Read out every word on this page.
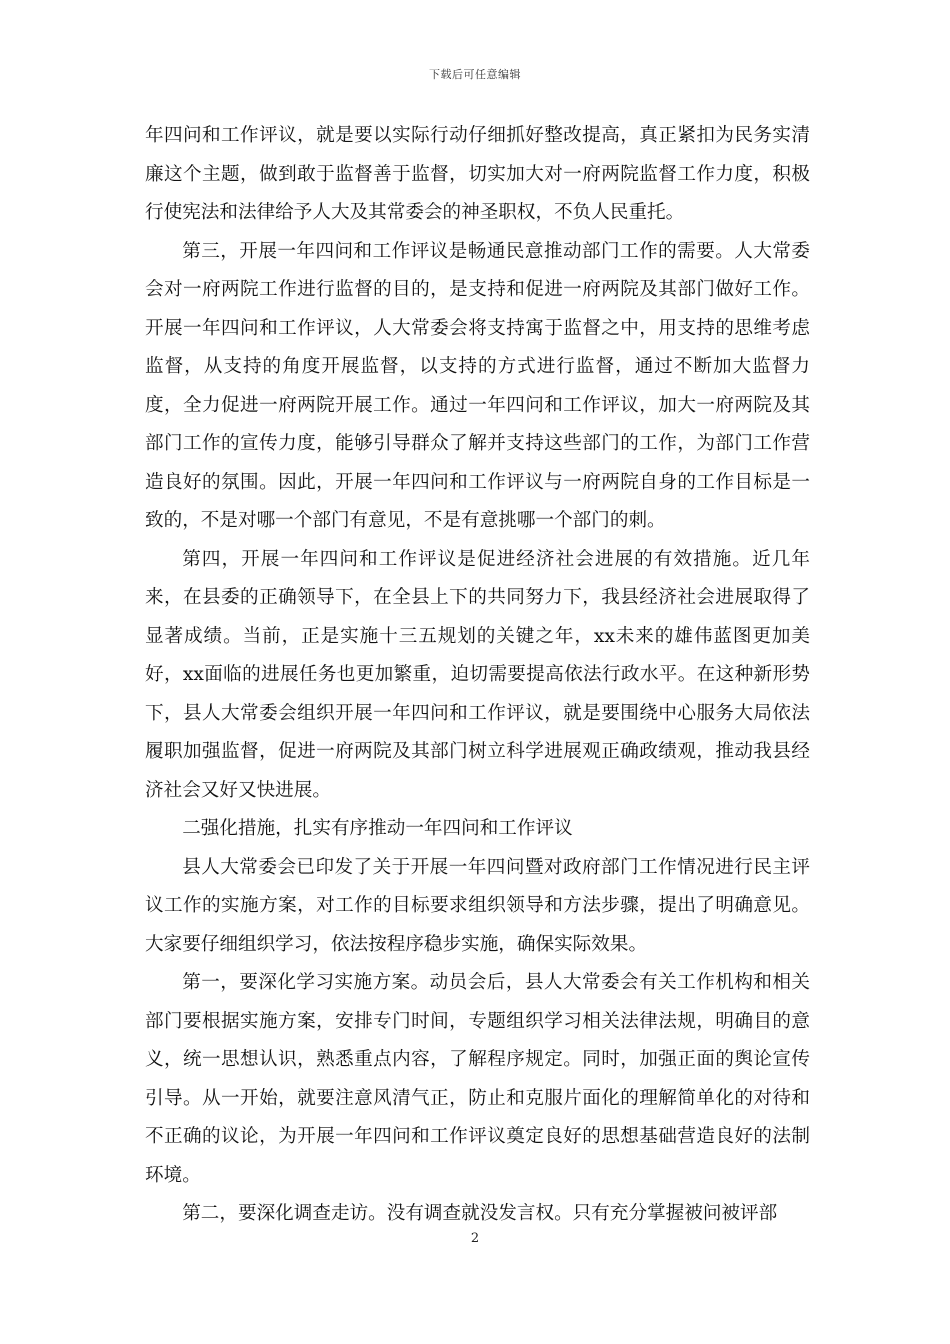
下载后可任意编辑

年四问和工作评议，就是要以实际行动仔细抓好整改提高，真正紧扣为民务实清廉这个主题，做到敢于监督善于监督，切实加大对一府两院监督工作力度，积极行使宪法和法律给予人大及其常委会的神圣职权，不负人民重托。

第三，开展一年四问和工作评议是畅通民意推动部门工作的需要。人大常委会对一府两院工作进行监督的目的，是支持和促进一府两院及其部门做好工作。开展一年四问和工作评议，人大常委会将支持寓于监督之中，用支持的思维考虑监督，从支持的角度开展监督，以支持的方式进行监督，通过不断加大监督力度，全力促进一府两院开展工作。通过一年四问和工作评议，加大一府两院及其部门工作的宣传力度，能够引导群众了解并支持这些部门的工作，为部门工作营造良好的氛围。因此，开展一年四问和工作评议与一府两院自身的工作目标是一致的，不是对哪一个部门有意见，不是有意挑哪一个部门的刺。

第四，开展一年四问和工作评议是促进经济社会进展的有效措施。近几年来，在县委的正确领导下，在全县上下的共同努力下，我县经济社会进展取得了显著成绩。当前，正是实施十三五规划的关键之年，xx未来的雄伟蓝图更加美好，xx面临的进展任务也更加繁重，迫切需要提高依法行政水平。在这种新形势下，县人大常委会组织开展一年四问和工作评议，就是要围绕中心服务大局依法履职加强监督，促进一府两院及其部门树立科学进展观正确政绩观，推动我县经济社会又好又快进展。

二强化措施，扎实有序推动一年四问和工作评议

县人大常委会已印发了关于开展一年四问暨对政府部门工作情况进行民主评议工作的实施方案，对工作的目标要求组织领导和方法步骤，提出了明确意见。大家要仔细组织学习，依法按程序稳步实施，确保实际效果。

第一，要深化学习实施方案。动员会后，县人大常委会有关工作机构和相关部门要根据实施方案，安排专门时间，专题组织学习相关法律法规，明确目的意义，统一思想认识，熟悉重点内容，了解程序规定。同时，加强正面的舆论宣传引导。从一开始，就要注意风清气正，防止和克服片面化的理解简单化的对待和不正确的议论，为开展一年四问和工作评议奠定良好的思想基础营造良好的法制环境。

第二，要深化调查走访。没有调查就没发言权。只有充分掌握被问被评部

2
